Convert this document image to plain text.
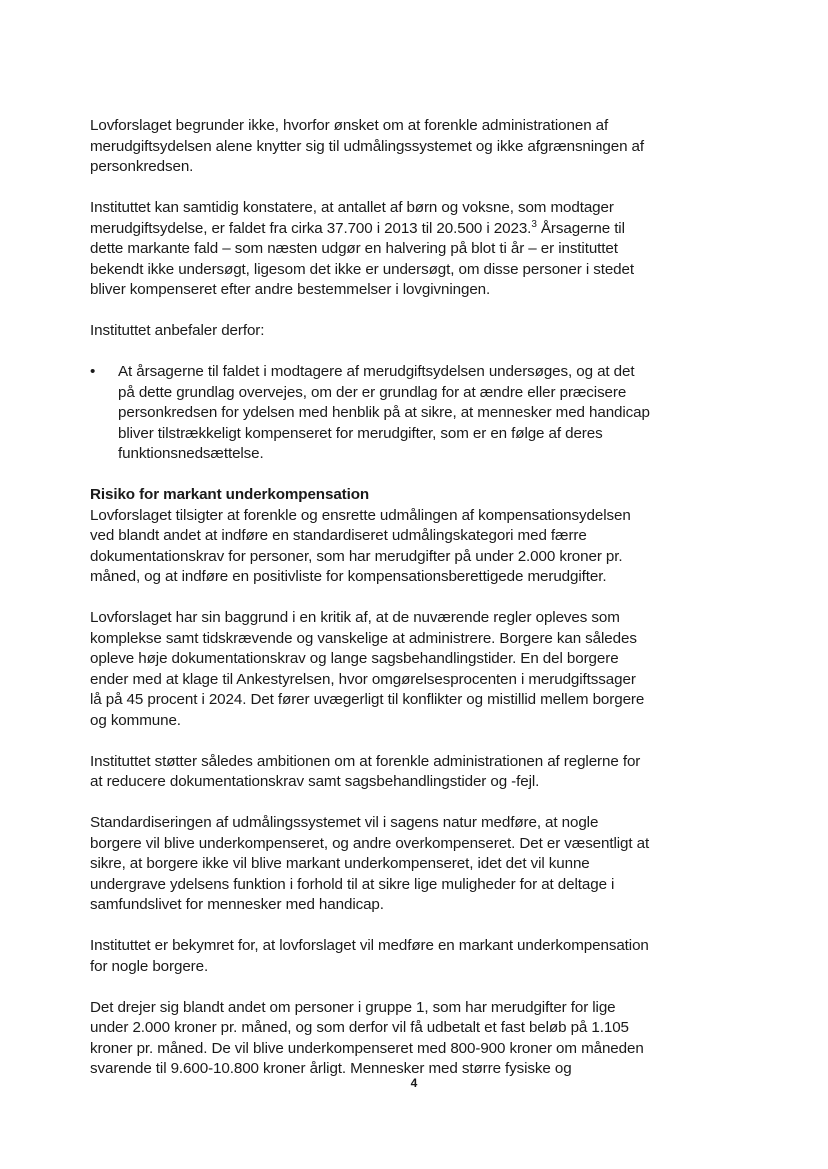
Lovforslaget begrunder ikke, hvorfor ønsket om at forenkle administrationen af merudgiftsydelsen alene knytter sig til udmålingssystemet og ikke afgrænsningen af personkredsen.

Instituttet kan samtidig konstatere, at antallet af børn og voksne, som modtager merudgiftsydelse, er faldet fra cirka 37.700 i 2013 til 20.500 i 2023.$^3$ Årsagerne til dette markante fald – som næsten udgør en halvering på blot ti år – er instituttet bekendt ikke undersøgt, ligesom det ikke er undersøgt, om disse personer i stedet bliver kompenseret efter andre bestemmelser i lovgivningen.

Instituttet anbefaler derfor:

• At årsagerne til faldet i modtagere af merudgiftsydelsen undersøges, og at det på dette grundlag overvejes, om der er grundlag for at ændre eller præcisere personkredsen for ydelsen med henblik på at sikre, at mennesker med handicap bliver tilstrækkeligt kompenseret for merudgifter, som er en følge af deres funktionsnedsættelse.
Risiko for markant underkompensation

Lovforslaget tilsigter at forenkle og ensrette udmålingen af kompensationsydelsen ved blandt andet at indføre en standardiseret udmålingskategori med færre dokumentationskrav for personer, som har merudgifter på under 2.000 kroner pr. måned, og at indføre en positivliste for kompensationsberettigede merudgifter.

Lovforslaget har sin baggrund i en kritik af, at de nuværende regler opleves som komplekse samt tidskrævende og vanskelige at administrere. Borgere kan således opleve høje dokumentationskrav og lange sagsbehandlingstider. En del borgere ender med at klage til Ankestyrelsen, hvor omgørelsesprocenten i merudgiftssager lå på 45 procent i 2024. Det fører uvægerligt til konflikter og mistillid mellem borgere og kommune.

Instituttet støtter således ambitionen om at forenkle administrationen af reglerne for at reducere dokumentationskrav samt sagsbehandlingstider og -fejl.

Standardiseringen af udmålingssystemet vil i sagens natur medføre, at nogle borgere vil blive underkompenseret, og andre overkompenseret. Det er væsentligt at sikre, at borgere ikke vil blive markant underkompenseret, idet det vil kunne undergrave ydelsens funktion i forhold til at sikre lige muligheder for at deltage i samfundslivet for mennesker med handicap.

Instituttet er bekymret for, at lovforslaget vil medføre en markant underkompensation for nogle borgere.

Det drejer sig blandt andet om personer i gruppe 1, som har merudgifter for lige under 2.000 kroner pr. måned, og som derfor vil få udbetalt et fast beløb på 1.105 kroner pr. måned. De vil blive underkompenseret med 800-900 kroner om måneden svarende til 9.600-10.800 kroner årligt. Mennesker med større fysiske og

4
